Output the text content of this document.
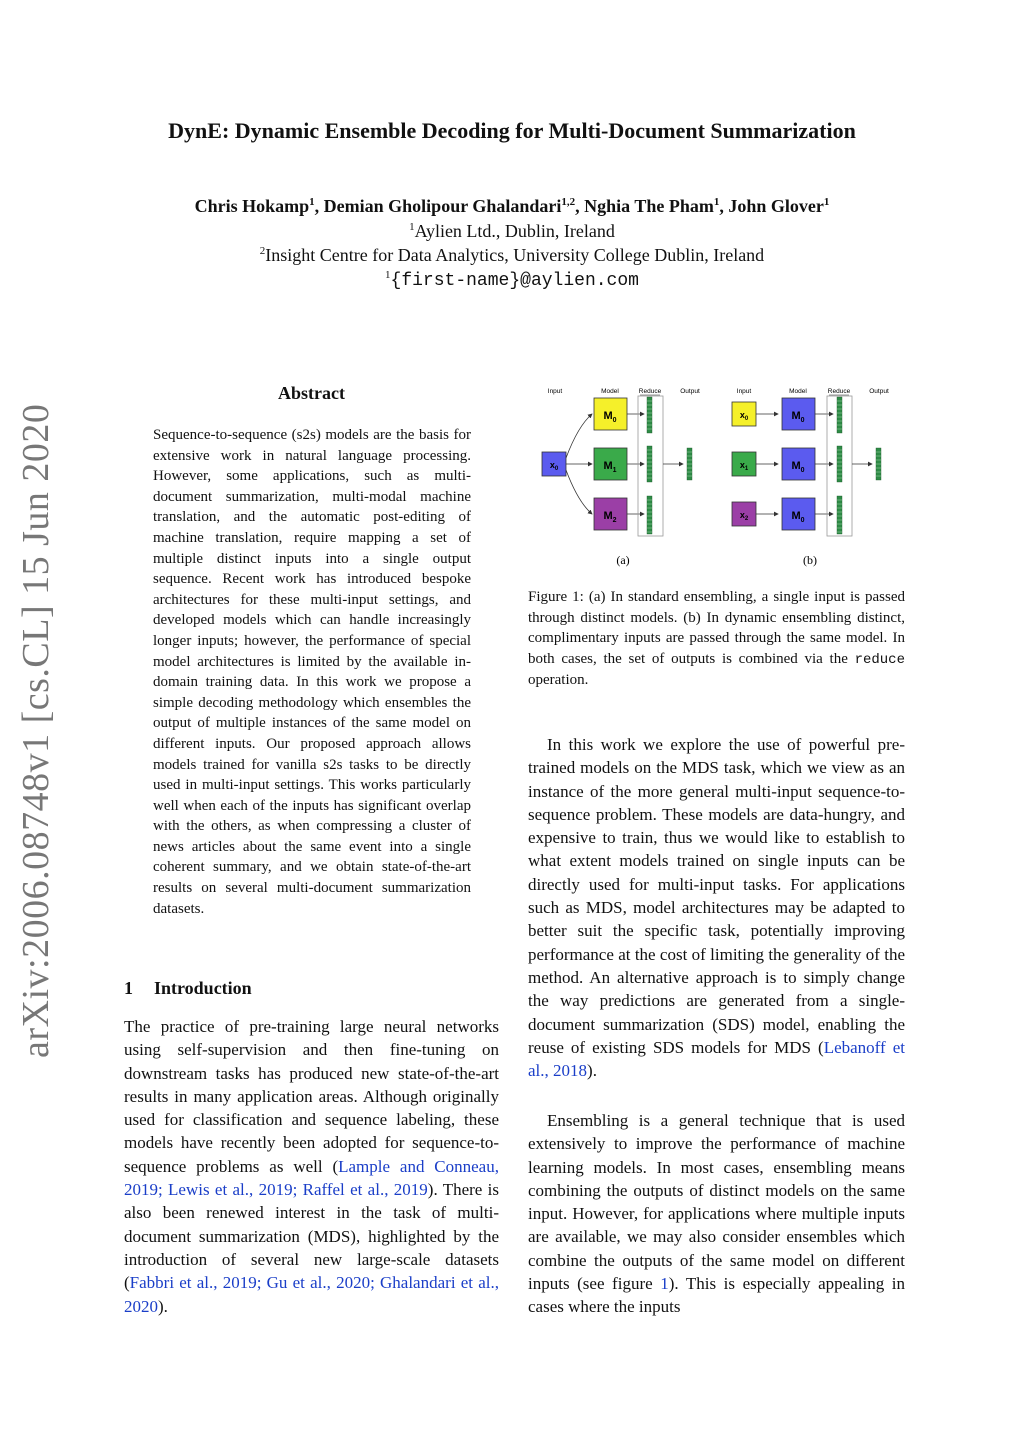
DynE: Dynamic Ensemble Decoding for Multi-Document Summarization
Chris Hokamp$^1$, Demian Gholipour Ghalandari$^{1,2}$, Nghia The Pham$^1$, John Glover$^1$
$^1$Aylien Ltd., Dublin, Ireland
$^2$Insight Centre for Data Analytics, University College Dublin, Ireland
$^1${first-name}@aylien.com
arXiv:2006.08748v1 [cs.CL] 15 Jun 2020
Abstract
Sequence-to-sequence (s2s) models are the basis for extensive work in natural language processing. However, some applications, such as multi-document summarization, multi-modal machine translation, and the automatic post-editing of machine translation, require mapping a set of multiple distinct inputs into a single output sequence. Recent work has introduced bespoke architectures for these multi-input settings, and developed models which can handle increasingly longer inputs; however, the performance of special model architectures is limited by the available in-domain training data. In this work we propose a simple decoding methodology which ensembles the output of multiple instances of the same model on different inputs. Our proposed approach allows models trained for vanilla s2s tasks to be directly used in multi-input settings. This works particularly well when each of the inputs has significant overlap with the others, as when compressing a cluster of news articles about the same event into a single coherent summary, and we obtain state-of-the-art results on several multi-document summarization datasets.
1 Introduction
The practice of pre-training large neural networks using self-supervision and then fine-tuning on downstream tasks has produced new state-of-the-art results in many application areas. Although originally used for classification and sequence labeling, these models have recently been adopted for sequence-to-sequence problems as well (Lample and Conneau, 2019; Lewis et al., 2019; Raffel et al., 2019). There is also been renewed interest in the task of multi-document summarization (MDS), highlighted by the introduction of several new large-scale datasets (Fabbri et al., 2019; Gu et al., 2020; Ghalandari et al., 2020).
Input	Model	Reduce	Output	Input	Model	Reduce	Output
$x_0$
$M_0$
$M_1$
$M_2$
(a)
$x_0$
$x_1$
$x_2$
$M_0$
$M_0$
$M_0$
(b)
Figure 1: (a) In standard ensembling, a single input is passed through distinct models. (b) In dynamic ensembling distinct, complimentary inputs are passed through the same model. In both cases, the set of outputs is combined via the reduce operation.
In this work we explore the use of powerful pre-trained models on the MDS task, which we view as an instance of the more general multi-input sequence-to-sequence problem. These models are data-hungry, and expensive to train, thus we would like to establish to what extent models trained on single inputs can be directly used for multi-input tasks. For applications such as MDS, model architectures may be adapted to better suit the specific task, potentially improving performance at the cost of limiting the generality of the method. An alternative approach is to simply change the way predictions are generated from a single-document summarization (SDS) model, enabling the reuse of existing SDS models for MDS (Lebanoff et al., 2018).
Ensembling is a general technique that is used extensively to improve the performance of machine learning models. In most cases, ensembling means combining the outputs of distinct models on the same input. However, for applications where multiple inputs are available, we may also consider ensembles which combine the outputs of the same model on different inputs (see figure 1). This is especially appealing in cases where the inputs
